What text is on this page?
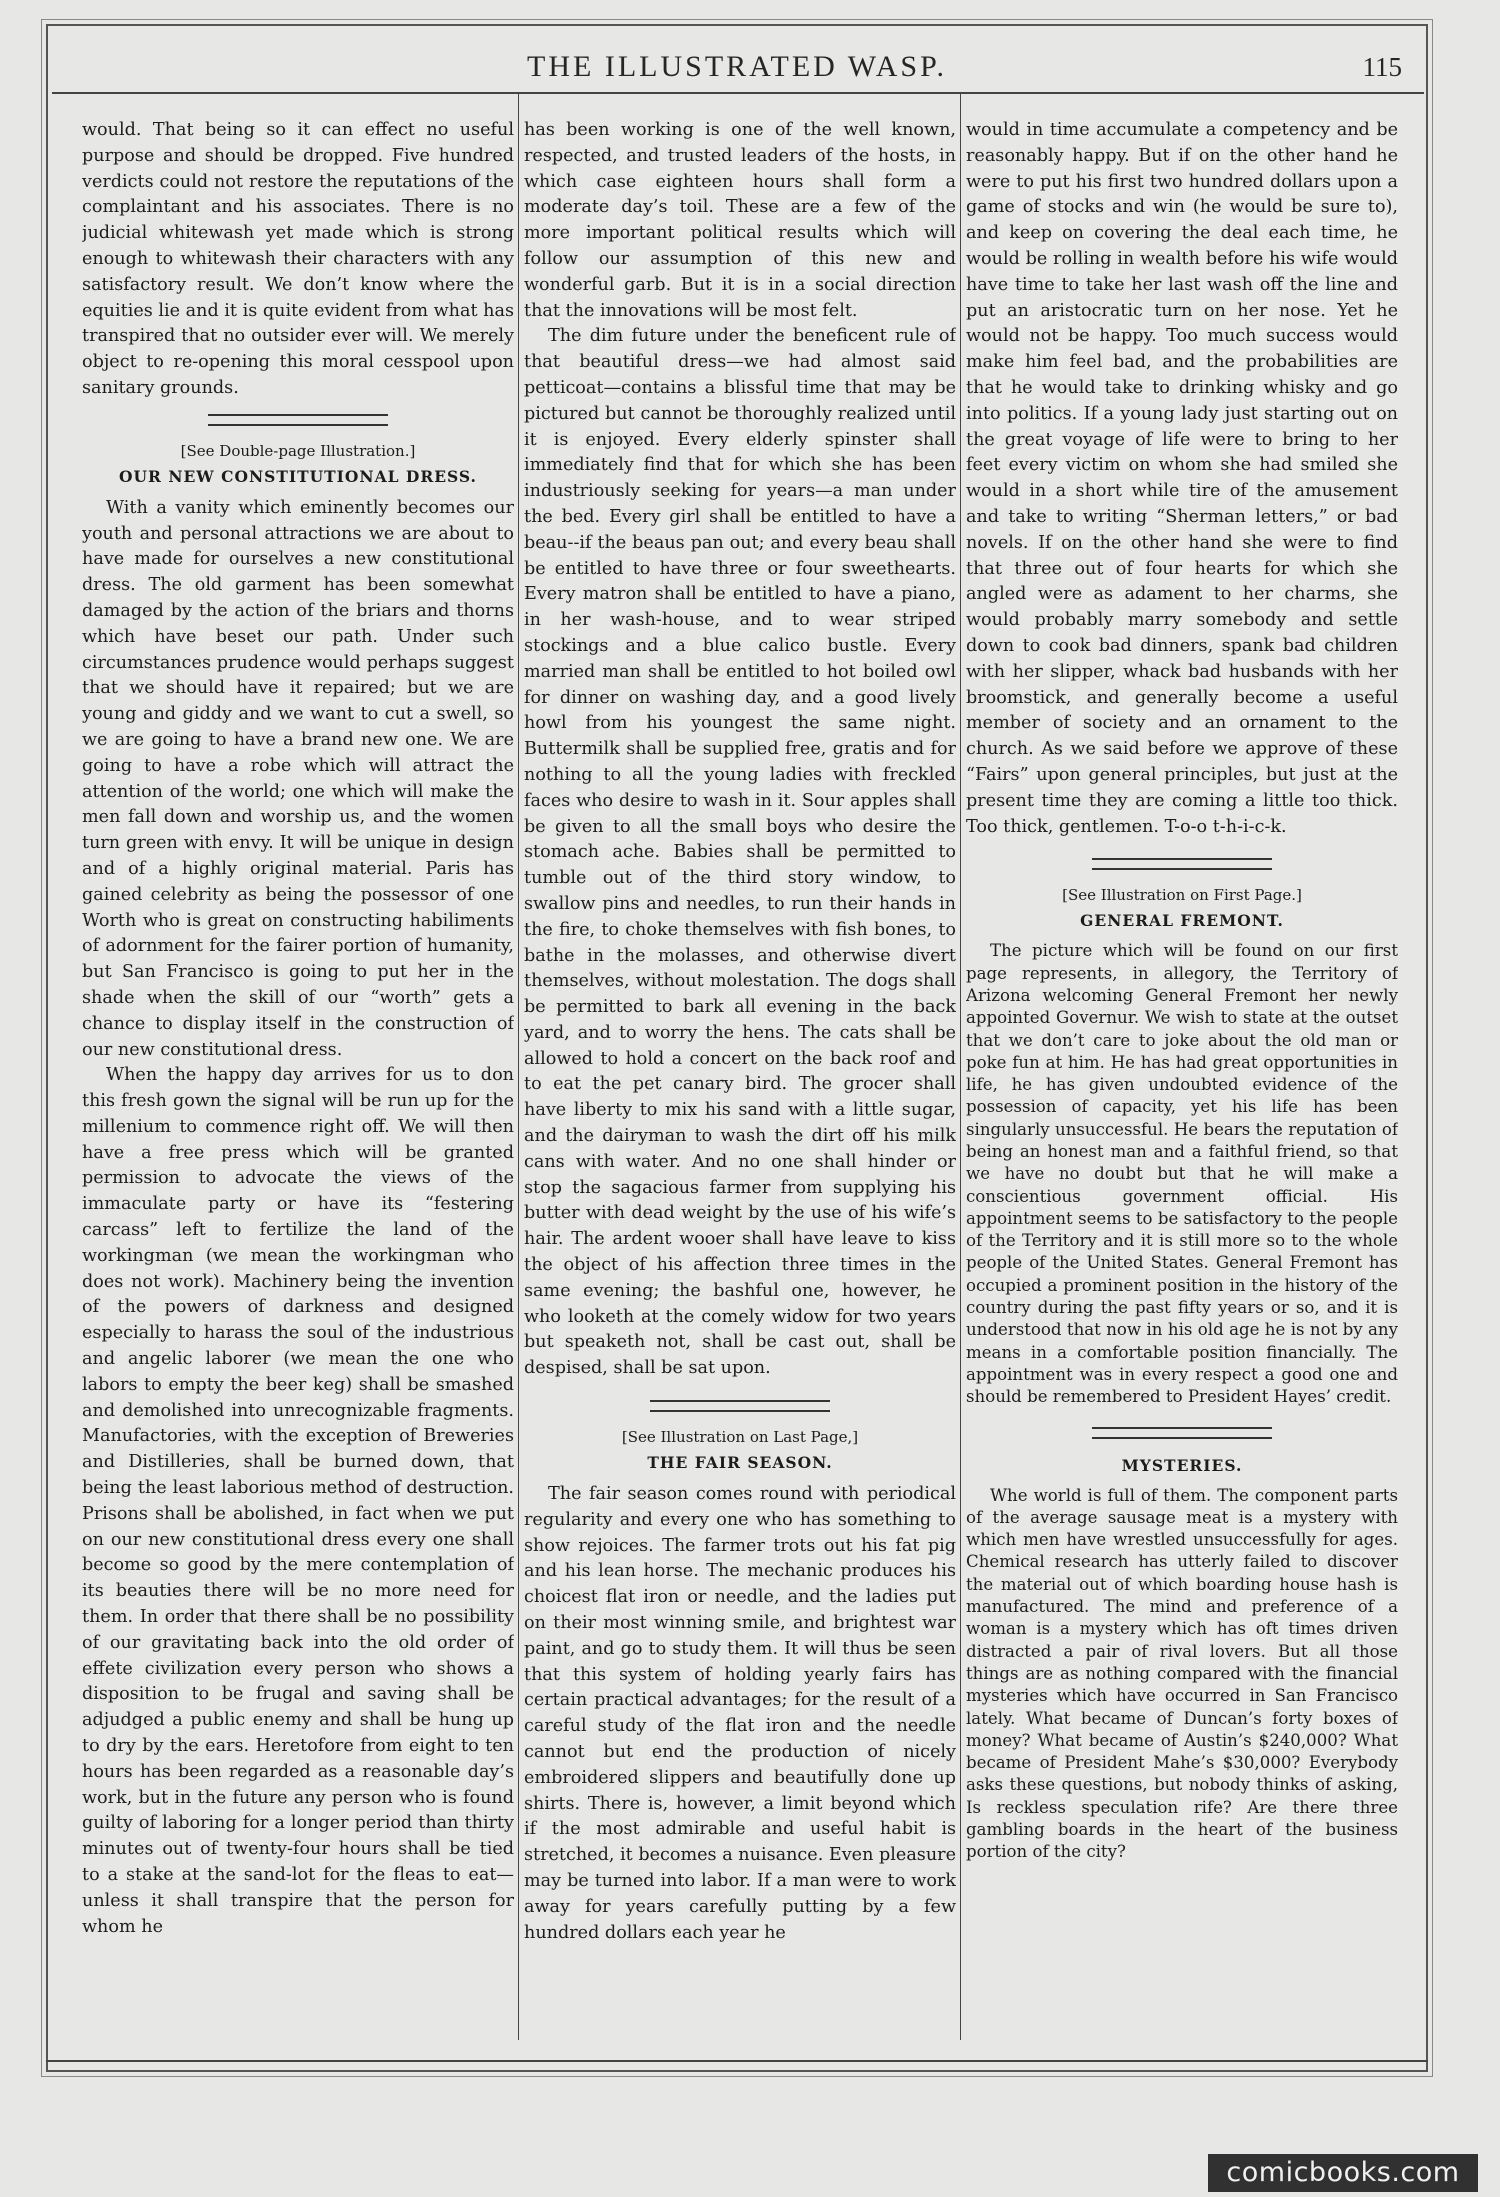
THE ILLUSTRATED WASP.	115

would. That being so it can effect no useful purpose and should be dropped. Five hundred verdicts could not restore the reputations of the complaintant and his associates. There is no judicial whitewash yet made which is strong enough to whitewash their characters with any satisfactory result. We don’t know where the equities lie and it is quite evident from what has transpired that no outsider ever will. We merely object to re-opening this moral cesspool upon sanitary grounds.

[See Double-page Illustration.]
OUR NEW CONSTITUTIONAL DRESS.

With a vanity which eminently becomes our youth and personal attractions we are about to have made for ourselves a new constitutional dress. The old garment has been somewhat damaged by the action of the briars and thorns which have beset our path. Under such circumstances prudence would perhaps suggest that we should have it repaired; but we are young and giddy and we want to cut a swell, so we are going to have a brand new one. We are going to have a robe which will attract the attention of the world; one which will make the men fall down and worship us, and the women turn green with envy. It will be unique in design and of a highly original material. Paris has gained celebrity as being the possessor of one Worth who is great on constructing habiliments of adornment for the fairer portion of humanity, but San Francisco is going to put her in the shade when the skill of our “worth” gets a chance to display itself in the construction of our new constitutional dress.

When the happy day arrives for us to don this fresh gown the signal will be run up for the millenium to commence right off. We will then have a free press which will be granted permission to advocate the views of the immaculate party or have its “festering carcass” left to fertilize the land of the workingman (we mean the workingman who does not work). Machinery being the invention of the powers of darkness and designed especially to harass the soul of the industrious and angelic laborer (we mean the one who labors to empty the beer keg) shall be smashed and demolished into unrecognizable fragments. Manufactories, with the exception of Breweries and Distilleries, shall be burned down, that being the least laborious method of destruction. Prisons shall be abolished, in fact when we put on our new constitutional dress every one shall become so good by the mere contemplation of its beauties there will be no more need for them. In order that there shall be no possibility of our gravitating back into the old order of effete civilization every person who shows a disposition to be frugal and saving shall be adjudged a public enemy and shall be hung up to dry by the ears. Heretofore from eight to ten hours has been regarded as a reasonable day’s work, but in the future any person who is found guilty of laboring for a longer period than thirty minutes out of twenty-four hours shall be tied to a stake at the sand-lot for the fleas to eat—unless it shall transpire that the person for whom he

has been working is one of the well known, respected, and trusted leaders of the hosts, in which case eighteen hours shall form a moderate day’s toil. These are a few of the more important political results which will follow our assumption of this new and wonderful garb. But it is in a social direction that the innovations will be most felt.

The dim future under the beneficent rule of that beautiful dress—we had almost said petticoat—contains a blissful time that may be pictured but cannot be thoroughly realized until it is enjoyed. Every elderly spinster shall immediately find that for which she has been industriously seeking for years—a man under the bed. Every girl shall be entitled to have a beau--if the beaus pan out; and every beau shall be entitled to have three or four sweethearts. Every matron shall be entitled to have a piano, in her wash-house, and to wear striped stockings and a blue calico bustle. Every married man shall be entitled to hot boiled owl for dinner on washing day, and a good lively howl from his youngest the same night. Buttermilk shall be supplied free, gratis and for nothing to all the young ladies with freckled faces who desire to wash in it. Sour apples shall be given to all the small boys who desire the stomach ache. Babies shall be permitted to tumble out of the third story window, to swallow pins and needles, to run their hands in the fire, to choke themselves with fish bones, to bathe in the molasses, and otherwise divert themselves, without molestation. The dogs shall be permitted to bark all evening in the back yard, and to worry the hens. The cats shall be allowed to hold a concert on the back roof and to eat the pet canary bird. The grocer shall have liberty to mix his sand with a little sugar, and the dairyman to wash the dirt off his milk cans with water. And no one shall hinder or stop the sagacious farmer from supplying his butter with dead weight by the use of his wife’s hair. The ardent wooer shall have leave to kiss the object of his affection three times in the same evening; the bashful one, however, he who looketh at the comely widow for two years but speaketh not, shall be cast out, shall be despised, shall be sat upon.

[See Illustration on Last Page,]
THE FAIR SEASON.

The fair season comes round with periodical regularity and every one who has something to show rejoices. The farmer trots out his fat pig and his lean horse. The mechanic produces his choicest flat iron or needle, and the ladies put on their most winning smile, and brightest war paint, and go to study them. It will thus be seen that this system of holding yearly fairs has certain practical advantages; for the result of a careful study of the flat iron and the needle cannot but end the production of nicely embroidered slippers and beautifully done up shirts. There is, however, a limit beyond which if the most admirable and useful habit is stretched, it becomes a nuisance. Even pleasure may be turned into labor. If a man were to work away for years carefully putting by a few hundred dollars each year he

would in time accumulate a competency and be reasonably happy. But if on the other hand he were to put his first two hundred dollars upon a game of stocks and win (he would be sure to), and keep on covering the deal each time, he would be rolling in wealth before his wife would have time to take her last wash off the line and put an aristocratic turn on her nose. Yet he would not be happy. Too much success would make him feel bad, and the probabilities are that he would take to drinking whisky and go into politics. If a young lady just starting out on the great voyage of life were to bring to her feet every victim on whom she had smiled she would in a short while tire of the amusement and take to writing “Sherman letters,” or bad novels. If on the other hand she were to find that three out of four hearts for which she angled were as adament to her charms, she would probably marry somebody and settle down to cook bad dinners, spank bad children with her slipper, whack bad husbands with her broomstick, and generally become a useful member of society and an ornament to the church. As we said before we approve of these “Fairs” upon general principles, but just at the present time they are coming a little too thick. Too thick, gentlemen. T-o-o t-h-i-c-k.

[See Illustration on First Page.]
GENERAL FREMONT.

The picture which will be found on our first page represents, in allegory, the Territory of Arizona welcoming General Fremont her newly appointed Governur. We wish to state at the outset that we don’t care to joke about the old man or poke fun at him. He has had great opportunities in life, he has given undoubted evidence of the possession of capacity, yet his life has been singularly unsuccessful. He bears the reputation of being an honest man and a faithful friend, so that we have no doubt but that he will make a conscientious government official. His appointment seems to be satisfactory to the people of the Territory and it is still more so to the whole people of the United States. General Fremont has occupied a prominent position in the history of the country during the past fifty years or so, and it is understood that now in his old age he is not by any means in a comfortable position financially. The appointment was in every respect a good one and should be remembered to President Hayes’ credit.

MYSTERIES.

Whe world is full of them. The component parts of the average sausage meat is a mystery with which men have wrestled unsuccessfully for ages. Chemical research has utterly failed to discover the material out of which boarding house hash is manufactured. The mind and preference of a woman is a mystery which has oft times driven distracted a pair of rival lovers. But all those things are as nothing compared with the financial mysteries which have occurred in San Francisco lately. What became of Duncan’s forty boxes of money? What became of Austin’s $240,000? What became of President Mahe’s $30,000? Everybody asks these questions, but nobody thinks of asking, Is reckless speculation rife? Are there three gambling boards in the heart of the business portion of the city?

comicbooks.com
